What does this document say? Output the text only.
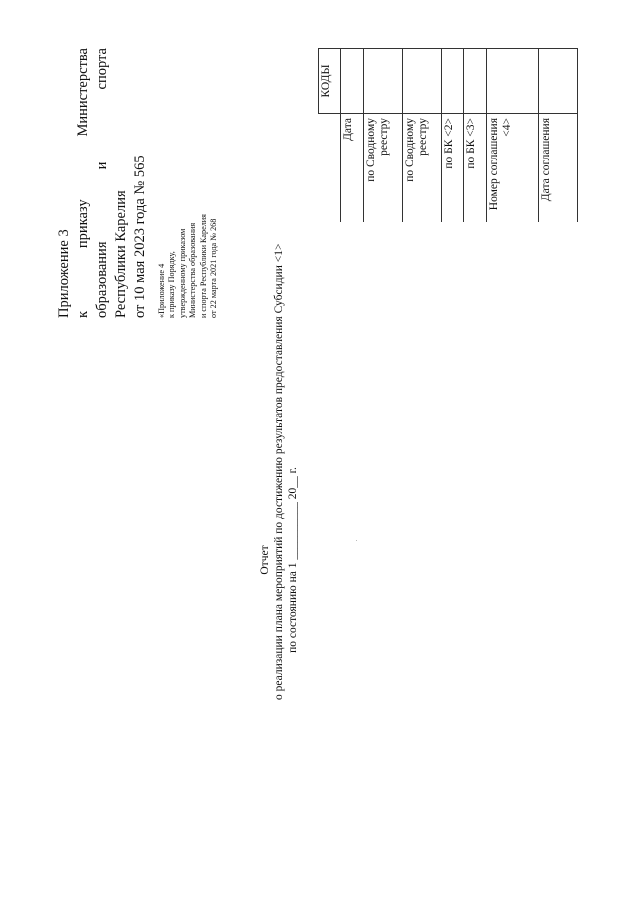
Приложение 3 к
приказу
Министерства
образования
и
спорта
Республики Карелия от 10 мая 2023 года № 565 «Приложение 4 к приказу Порядку, утвержденному приказом Министерства образования и спорта Республики Карелия от 22 марта 2021 года № 268
Отчет о реализации плана мероприятий по достижению результатов предоставления Субсидии <1> по состоянию на 1 __________ 20__ г.
	КОДЫ
Дата	
по Сводному реестру	
по Сводному реестру	
по БК <2>	
по БК <3>	
Номер соглашения <4>	
Дата соглашения	
